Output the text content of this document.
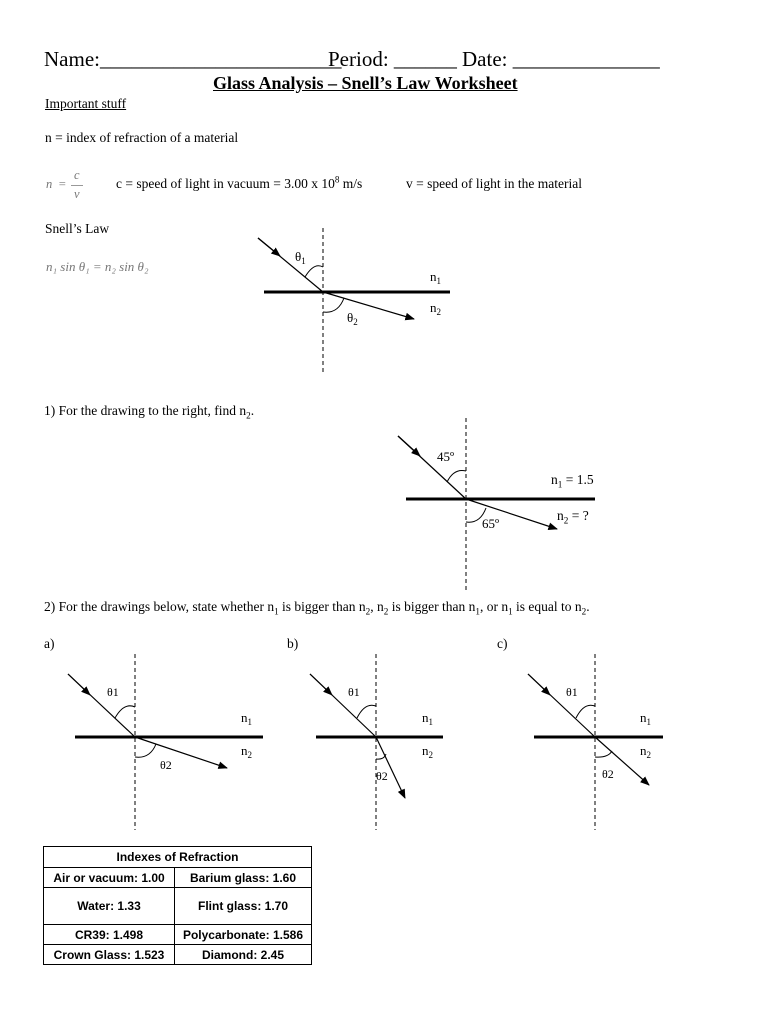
Name:_______________________
Period: ______ Date: ______________
Glass Analysis – Snell’s Law Worksheet
Important stuff
n = index of refraction of a material
n =
c
v
c = speed of light in vacuum = 3.00 x $10^8$ m/s	v = speed of light in the material
Snell’s Law
n₁ sin θ₁ = n₂ sin θ₂
$\theta_1$
$\theta_2$
$n_1$
$n_2$
1) For the drawing to the right, find $n_2$.
45º
65º
$n_1 = 1.5$
$n_2$ = ?
2) For the drawings below, state whether $n_1$ is bigger than $n_2$, $n_2$ is bigger than $n_1$, or $n_1$ is equal to $n_2$.
a)	b)	c)
θ1
θ2
$n_1$
$n_2$
θ1
θ2
$n_1$
$n_2$
θ1
θ2
$n_1$
$n_2$
Indexes of Refraction	
Air or vacuum: 1.00	Barium glass: 1.60
Water: 1.33	Flint glass: 1.70
CR39: 1.498	Polycarbonate: 1.586
Crown Glass: 1.523	Diamond: 2.45
